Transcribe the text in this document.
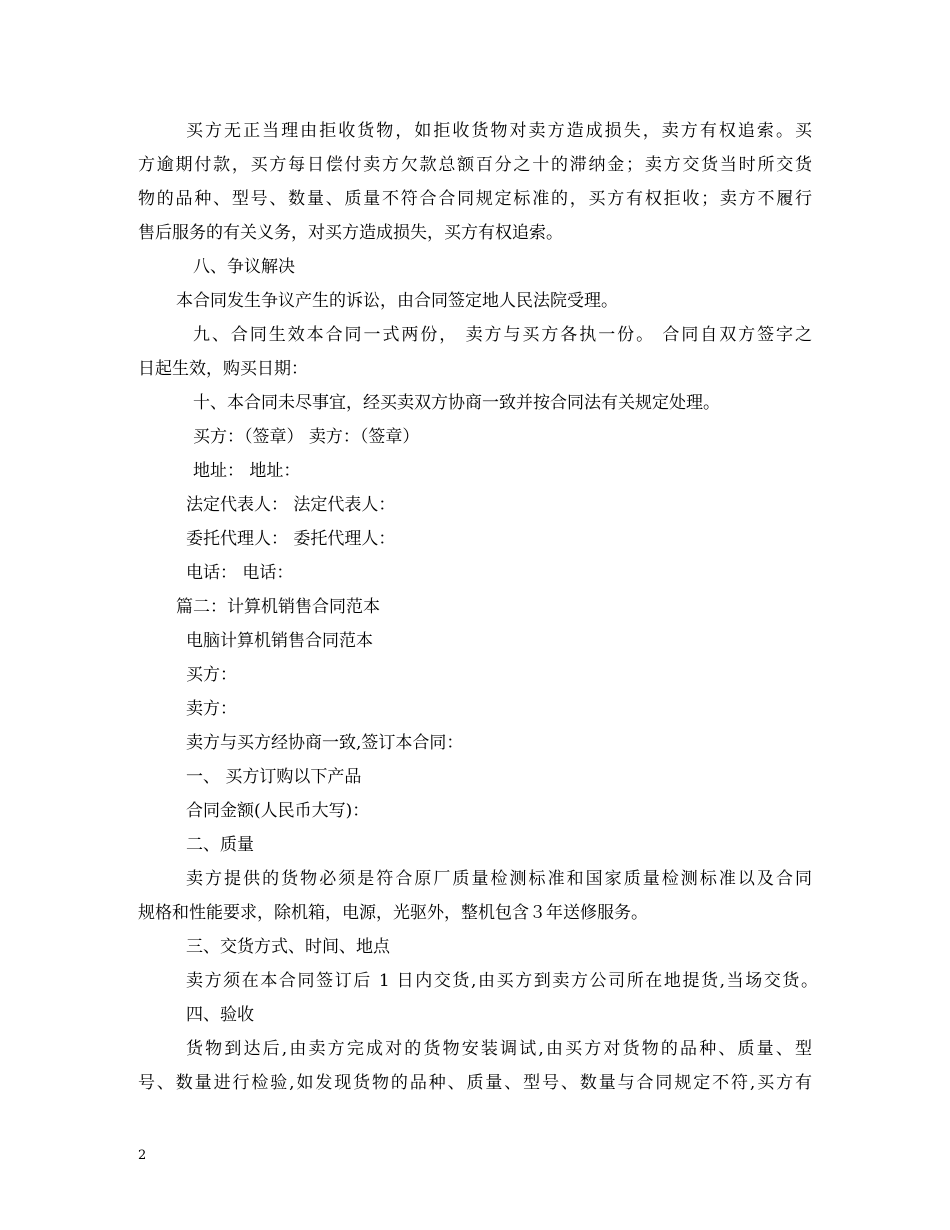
买方无正当理由拒收货物，如拒收货物对卖方造成损失，卖方有权追索。买
方逾期付款，买方每日偿付卖方欠款总额百分之十的滞纳金；卖方交货当时所交货
物的品种、型号、数量、质量不符合合同规定标准的，买方有权拒收；卖方不履行
售后服务的有关义务，对买方造成损失，买方有权追索。
八、争议解决
本合同发生争议产生的诉讼，由合同签定地人民法院受理。
九、合同生效本合同一式两份， 卖方与买方各执一份。 合同自双方签字之
日起生效，购买日期：
十、本合同未尽事宜，经买卖双方协商一致并按合同法有关规定处理。
买方：（签章） 卖方：（签章）
地址： 地址：
法定代表人： 法定代表人：
委托代理人： 委托代理人：
电话： 电话：
篇二：计算机销售合同范本
电脑计算机销售合同范本
买方：
卖方：
卖方与买方经协商一致,签订本合同：
一、 买方订购以下产品
合同金额(人民币大写)：
二、质量
卖方提供的货物必须是符合原厂质量检测标准和国家质量检测标准以及合同
规格和性能要求，除机箱，电源，光驱外，整机包含３年送修服务。
三、交货方式、时间、地点
卖方须在本合同签订后 1 日内交货,由买方到卖方公司所在地提货,当场交货。
四、验收
货物到达后,由卖方完成对的货物安装调试,由买方对货物的品种、质量、型
号、数量进行检验,如发现货物的品种、质量、型号、数量与合同规定不符,买方有
2
